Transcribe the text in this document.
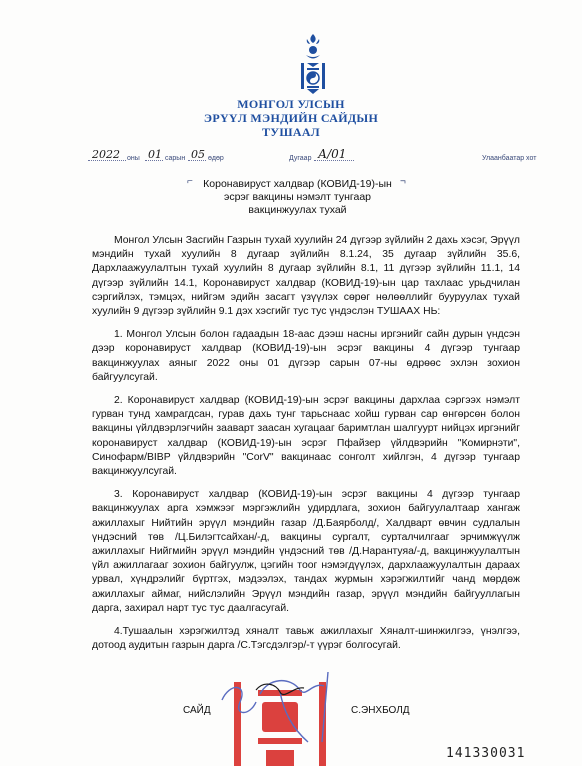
МОНГОЛ УЛСЫН
ЭРҮҮЛ МЭНДИЙН САЙДЫН
ТУШААЛ
2022 оны 01 сарын 05 өдөр	Дугаар А/01	Улаанбаатар хот
⌐	¬
Коронавируст халдвар (КОВИД-19)-ын
эсрэг вакцины нэмэлт тунгаар
вакцинжуулах тухай

Монгол Улсын Засгийн Газрын тухай хуулийн 24 дүгээр зүйлийн 2 дахь хэсэг, Эрүүл мэндийн тухай хуулийн 8 дугаар зүйлийн 8.1.24, 35 дугаар зүйлийн 35.6, Дархлаажуулалтын тухай хуулийн 8 дугаар зүйлийн 8.1, 11 дүгээр зүйлийн 11.1, 14 дүгээр зүйлийн 14.1, Коронавируст халдвар (КОВИД-19)-ын цар тахлаас урьдчилан сэргийлэх, тэмцэх, нийгэм эдийн засагт үзүүлэх сөрөг нөлөөллийг бууруулах тухай хуулийн 9 дүгээр зүйлийн 9.1 дэх хэсгийг тус тус үндэслэн ТУШААХ НЬ:

1. Монгол Улсын болон гадаадын 18-аас дээш насны иргэнийг сайн дурын үндсэн дээр коронавируст халдвар (КОВИД-19)-ын эсрэг вакцины 4 дүгээр тунгаар вакцинжуулах аяныг 2022 оны 01 дүгээр сарын 07-ны өдрөөс эхлэн зохион байгуулсугай.

2. Коронавируст халдвар (КОВИД-19)-ын эсрэг вакцины дархлаа сэргээх нэмэлт гурван тунд хамрагдсан, гурав дахь тунг тарьснаас хойш гурван сар өнгөрсөн болон вакцины үйлдвэрлэгчийн зааварт заасан хугацааг баримтлан шалгуурт нийцэх иргэнийг коронавируст халдвар (КОВИД-19)-ын эсрэг Пфайзер үйлдвэрийн "Комирнэти", Синофарм/BIBP үйлдвэрийн "CorV" вакцинаас сонголт хийлгэн, 4 дүгээр тунгаар вакцинжуулсугай.

3. Коронавируст халдвар (КОВИД-19)-ын эсрэг вакцины 4 дүгээр тунгаар вакцинжуулах арга хэмжээг мэргэжлийн удирдлага, зохион байгуулалтаар хангаж ажиллахыг Нийтийн эрүүл мэндийн газар /Д.Баярболд/, Халдварт өвчин судлалын үндэсний төв /Ц.Билэгтсайхан/-д, вакцины сургалт, сурталчилгааг эрчимжүүлж ажиллахыг Нийгмийн эрүүл мэндийн үндэсний төв /Д.Нарантуяа/-д, вакцинжуулалтын үйл ажиллагааг зохион байгуулж, цэгийн тоог нэмэгдүүлэх, дархлаажуулалтын дараах урвал, хүндрэлийг бүртгэх, мэдээлэх, тандах журмын хэрэгжилтийг чанд мөрдөж ажиллахыг аймаг, нийслэлийн Эрүүл мэндийн газар, эрүүл мэндийн байгууллагын дарга, захирал нарт тус тус даалгасугай.

4.Тушаалын хэрэгжилтэд хяналт тавьж ажиллахыг Хяналт-шинжилгээ, үнэлгээ, дотоод аудитын газрын дарга /С.Тэгсдэлгэр/-т үүрэг болгосугай.

САЙД	С.ЭНХБОЛД
141330031
